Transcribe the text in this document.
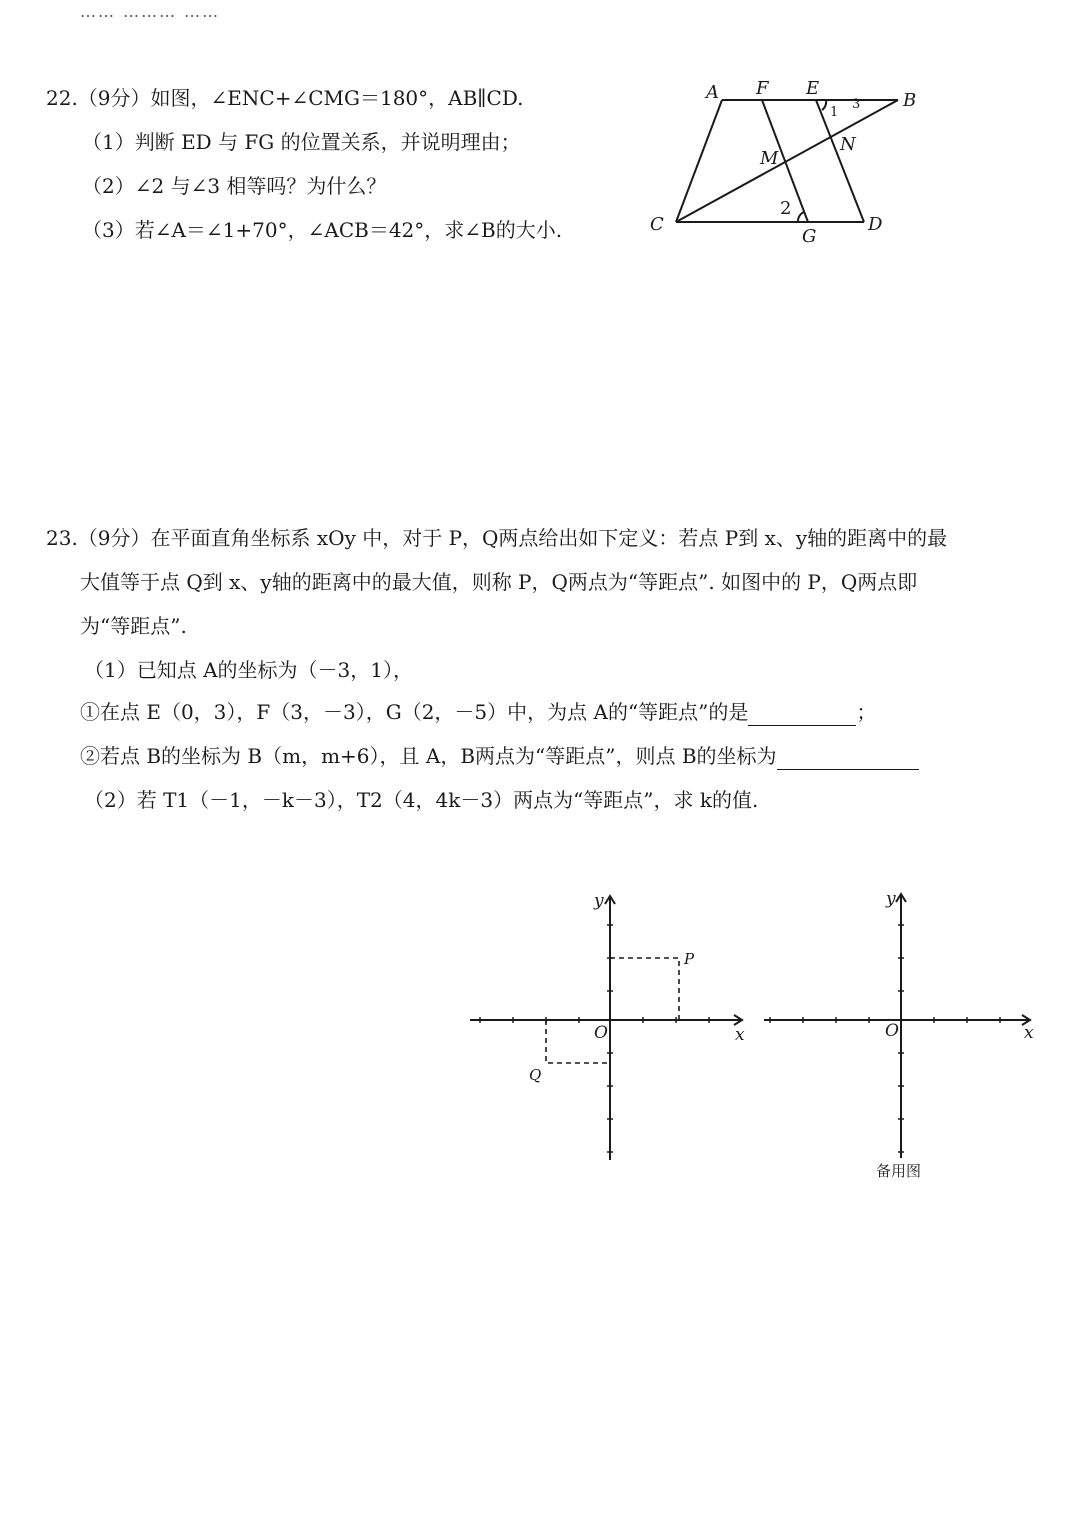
…… ……… ……
22.（9分）如图，∠ENC+∠CMG＝180°，AB∥CD.
（1）判断 ED 与 FG 的位置关系，并说明理由；
（2）∠2 与∠3 相等吗？为什么？
（3）若∠A＝∠1+70°，∠ACB＝42°，求∠B的大小.
23.（9分）在平面直角坐标系 xOy 中，对于 P，Q两点给出如下定义：若点 P到 x、y轴的距离中的最
大值等于点 Q到 x、y轴的距离中的最大值，则称 P，Q两点为“等距点”. 如图中的 P，Q两点即
为“等距点”.
（1）已知点 A的坐标为（－3，1），
①在点 E（0，3），F（3，－3），G（2，－5）中，为点 A的“等距点”的是	；
②若点 B的坐标为 B（m，m+6），且 A，B两点为“等距点”，则点 B的坐标为
（2）若 T1（－1，－k－3），T2（4，4k－3）两点为“等距点”，求 k的值.
A F E
B
M
N
C
2
G
D
1
3
x
y
O
P
Q
x
y
O
备用图
